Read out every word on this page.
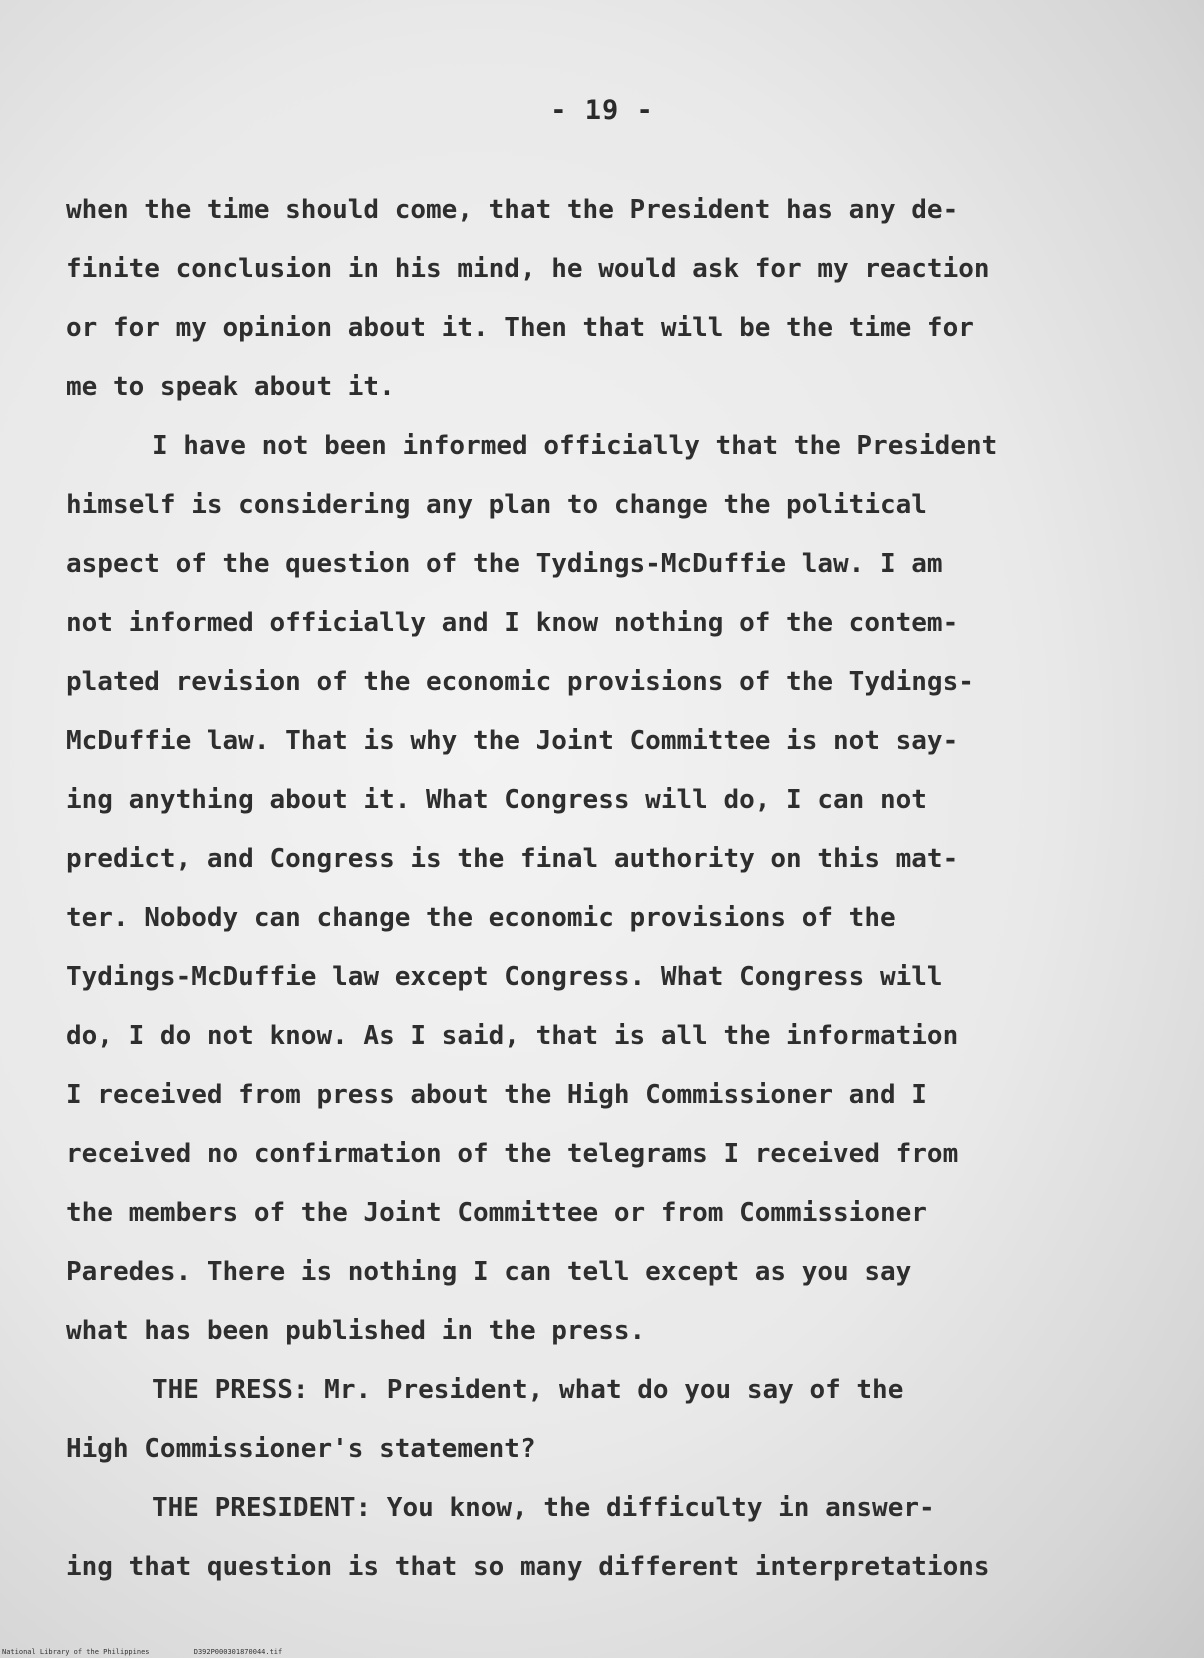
- 19 -
when the time should come, that the President has any de-
finite conclusion in his mind, he would ask for my reaction
or for my opinion about it. Then that will be the time for
me to speak about it.
I have not been informed officially that the President
himself is considering any plan to change the political
aspect of the question of the Tydings-McDuffie law. I am
not informed officially and I know nothing of the contem-
plated revision of the economic provisions of the Tydings-
McDuffie law. That is why the Joint Committee is not say-
ing anything about it. What Congress will do, I can not
predict, and Congress is the final authority on this mat-
ter. Nobody can change the economic provisions of the
Tydings-McDuffie law except Congress. What Congress will
do, I do not know. As I said, that is all the information
I received from press about the High Commissioner and I
received no confirmation of the telegrams I received from
the members of the Joint Committee or from Commissioner
Paredes. There is nothing I can tell except as you say
what has been published in the press.
THE PRESS: Mr. President, what do you say of the
High Commissioner's statement?
THE PRESIDENT: You know, the difficulty in answer-
ing that question is that so many different interpretations
National Library of the Philippines	D392P000301870044.tif
